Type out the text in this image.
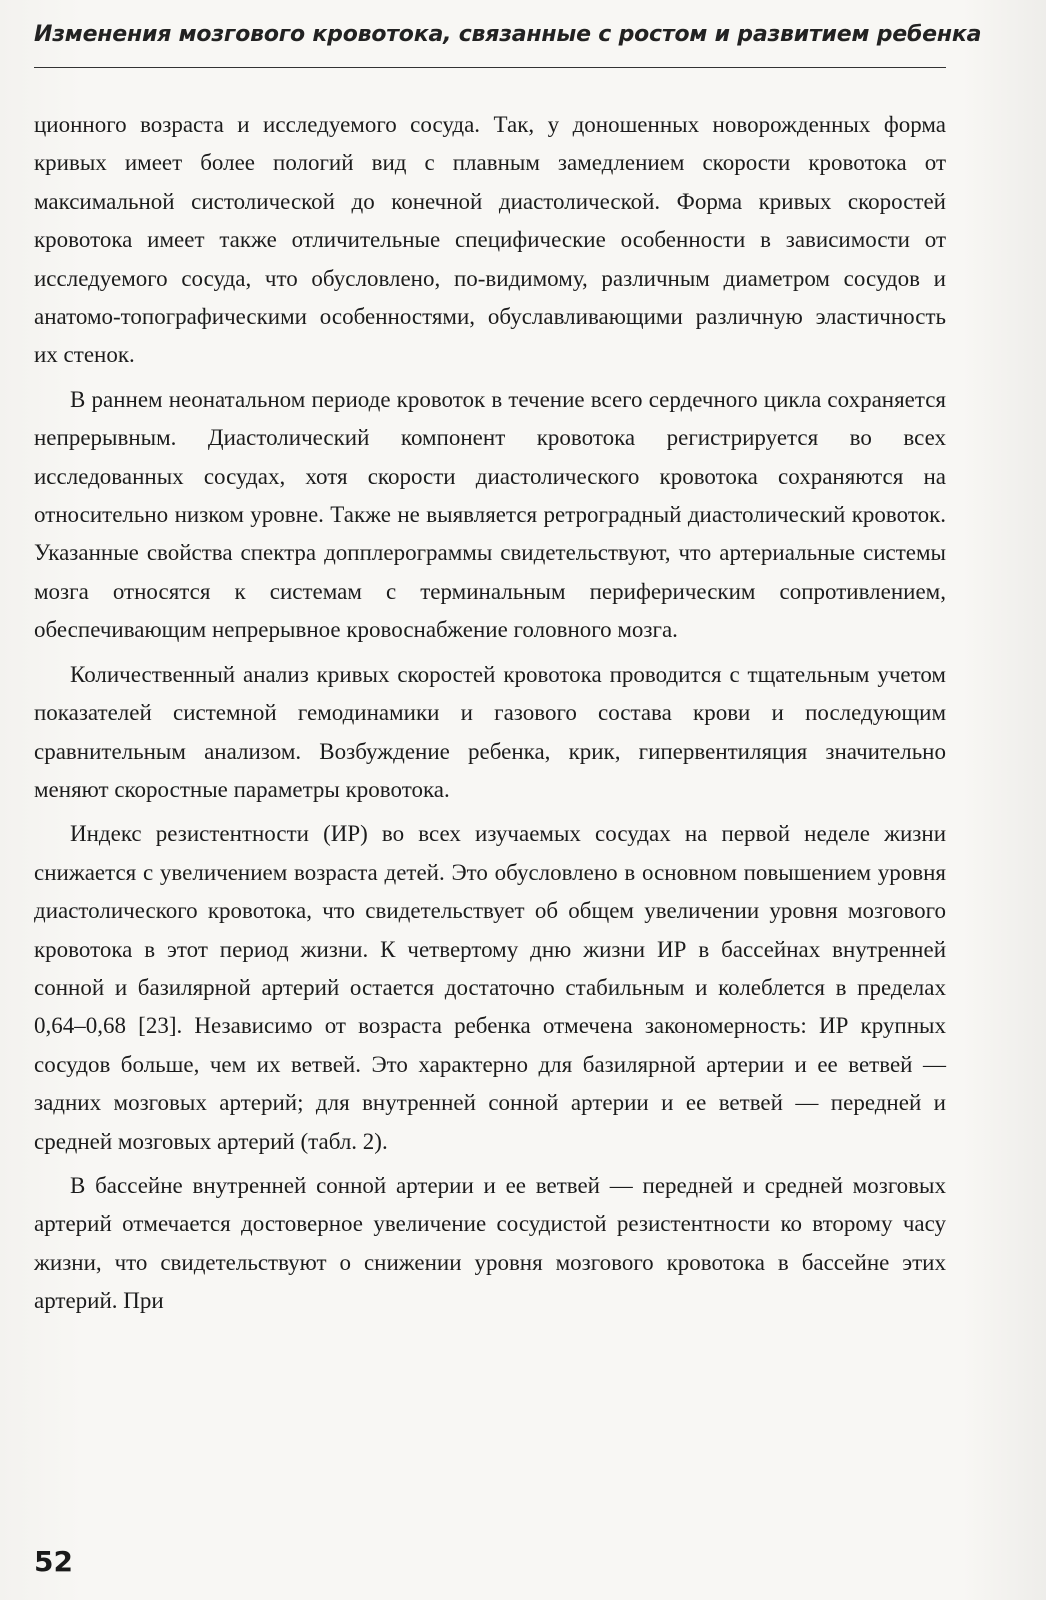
Изменения мозгового кровотока, связанные с ростом и развитием ребенка

ционного возраста и исследуемого сосуда. Так, у доношенных новорожденных форма кривых имеет более пологий вид с плавным замедлением скорости кровотока от максимальной систолической до конечной диастолической. Форма кривых скоростей кровотока имеет также отличительные специфические особенности в зависимости от исследуемого сосуда, что обусловлено, по-видимому, различным диаметром сосудов и анатомо-топографическими особенностями, обуславливающими различную эластичность их стенок.

В раннем неонатальном периоде кровоток в течение всего сердечного цикла сохраняется непрерывным. Диастолический компонент кровотока регистрируется во всех исследованных сосудах, хотя скорости диастолического кровотока сохраняются на относительно низком уровне. Также не выявляется ретроградный диастолический кровоток. Указанные свойства спектра допплерограммы свидетельствуют, что артериальные системы мозга относятся к системам с терминальным периферическим сопротивлением, обеспечивающим непрерывное кровоснабжение головного мозга.

Количественный анализ кривых скоростей кровотока проводится с тщательным учетом показателей системной гемодинамики и газового состава крови и последующим сравнительным анализом. Возбуждение ребенка, крик, гипервентиляция значительно меняют скоростные параметры кровотока.

Индекс резистентности (ИР) во всех изучаемых сосудах на первой неделе жизни снижается с увеличением возраста детей. Это обусловлено в основном повышением уровня диастолического кровотока, что свидетельствует об общем увеличении уровня мозгового кровотока в этот период жизни. К четвертому дню жизни ИР в бассейнах внутренней сонной и базилярной артерий остается достаточно стабильным и колеблется в пределах 0,64–0,68 [23]. Независимо от возраста ребенка отмечена закономерность: ИР крупных сосудов больше, чем их ветвей. Это характерно для базилярной артерии и ее ветвей — задних мозговых артерий; для внутренней сонной артерии и ее ветвей — передней и средней мозговых артерий (табл. 2).

В бассейне внутренней сонной артерии и ее ветвей — передней и средней мозговых артерий отмечается достоверное увеличение сосудистой резистентности ко второму часу жизни, что свидетельствуют о снижении уровня мозгового кровотока в бассейне этих артерий. При

52
